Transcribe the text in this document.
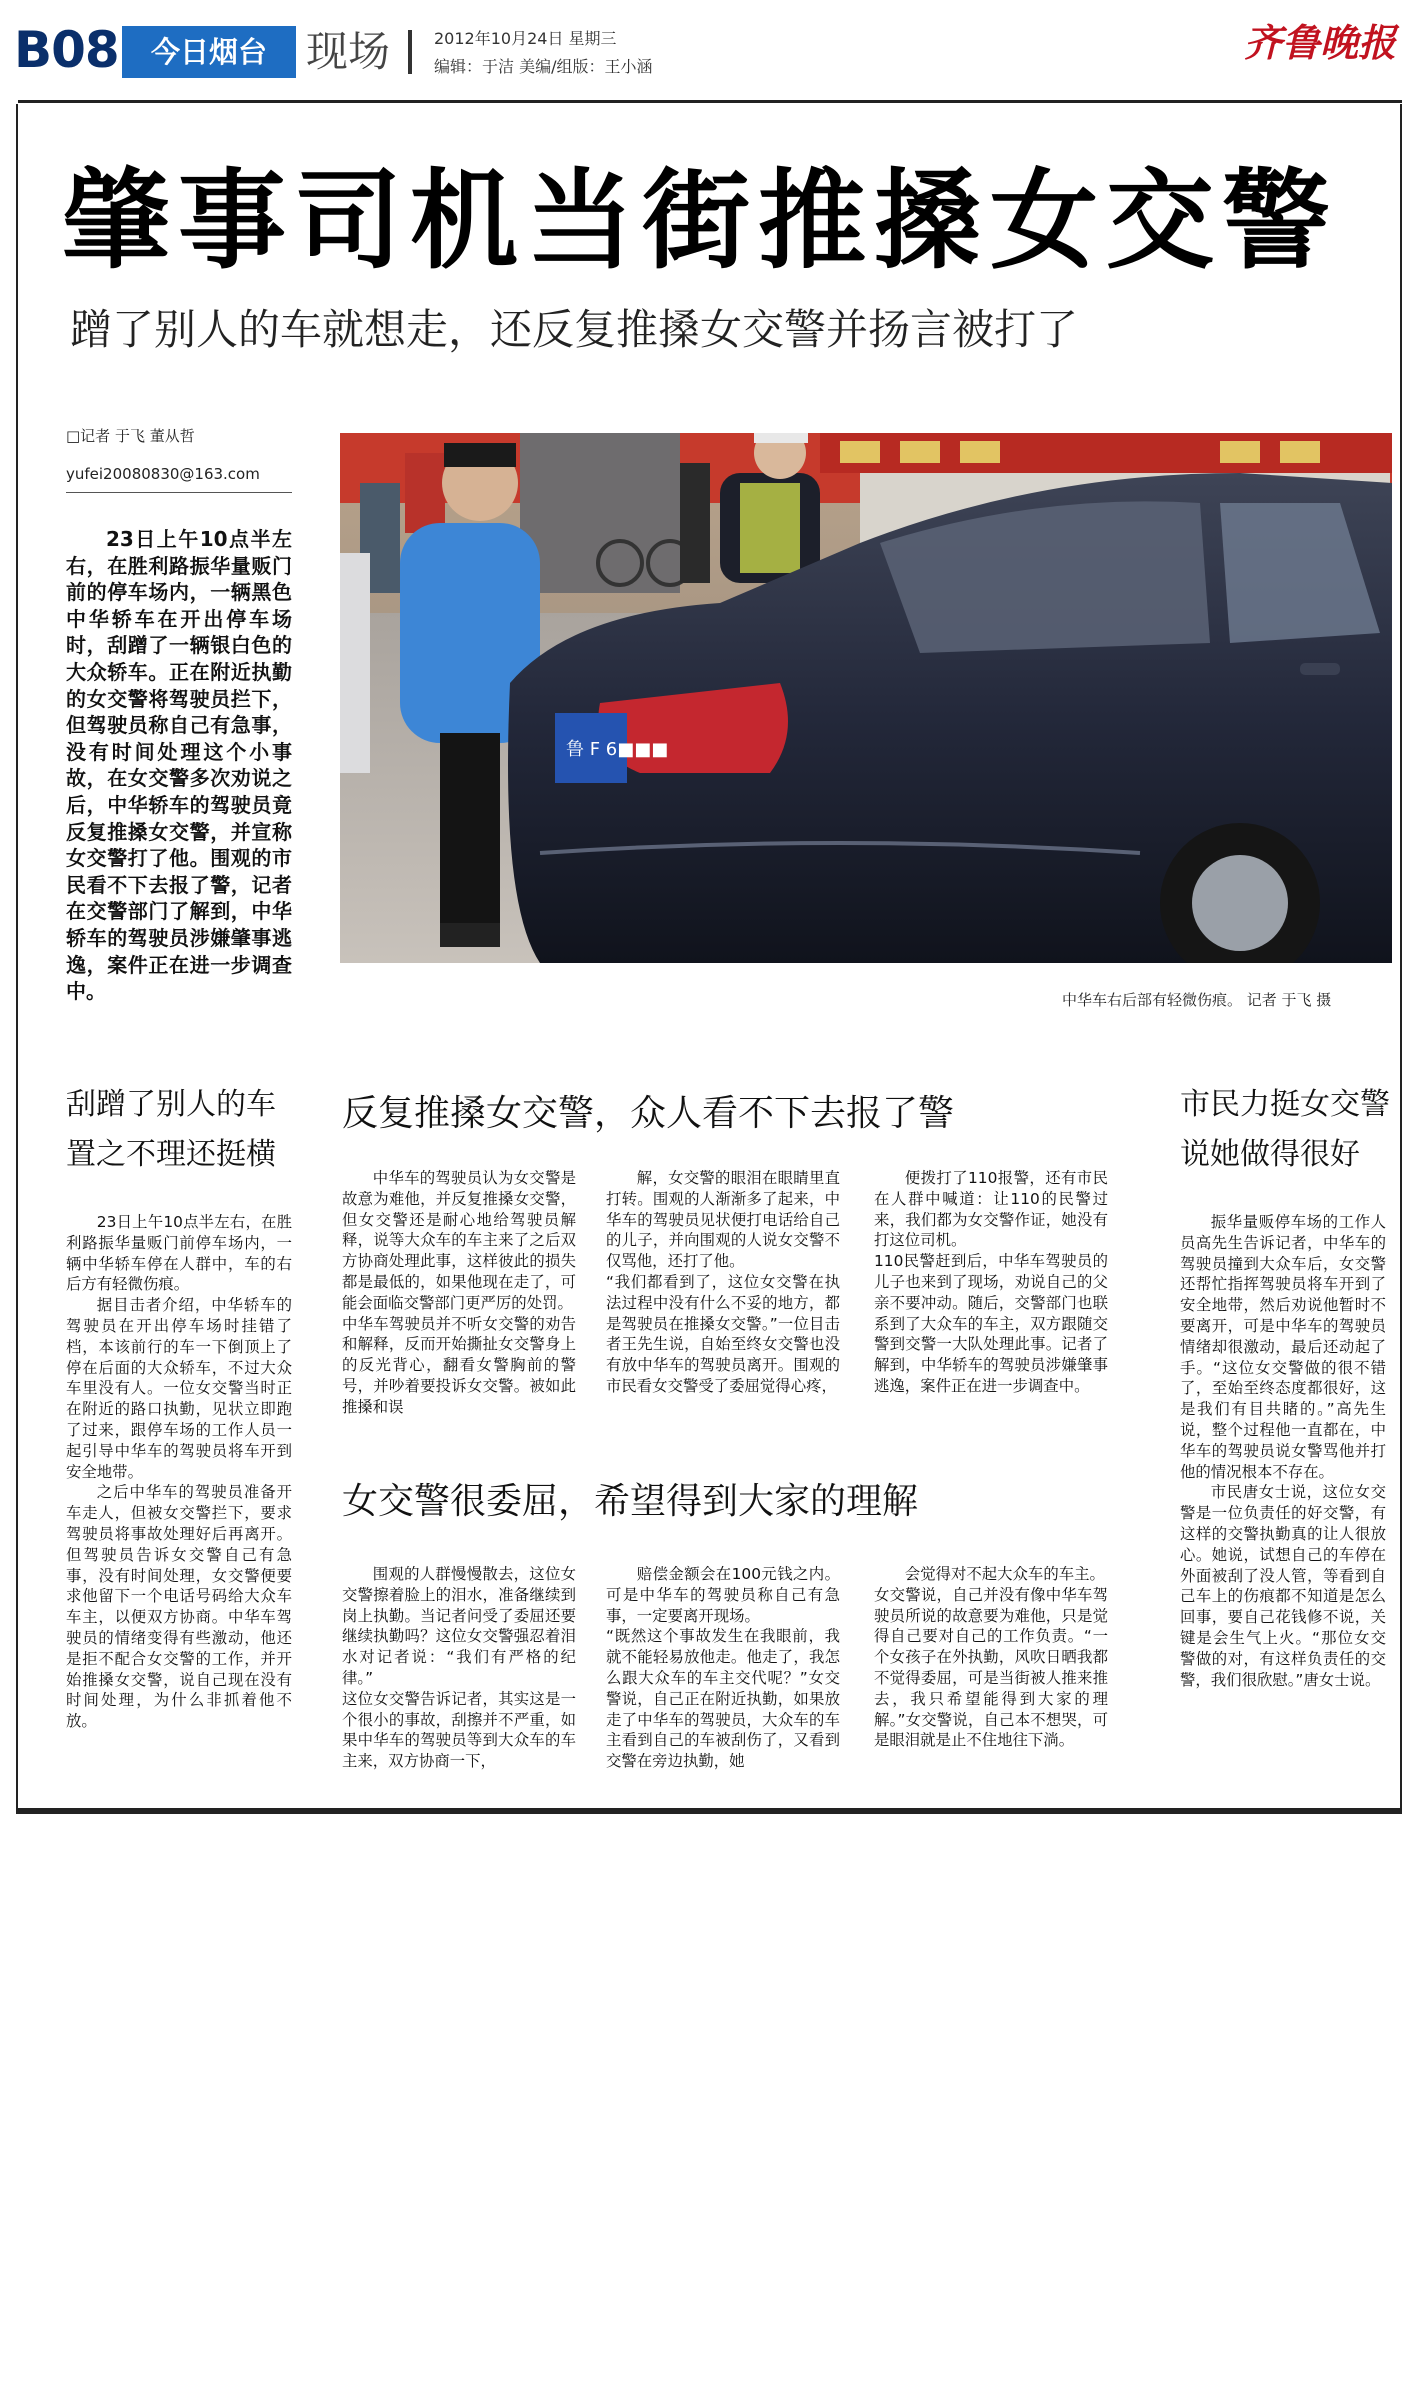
B08	今日烟台 现场	2012年10月24日 星期三
编辑：于洁 美编/组版：王小涵
齐鲁晚报
肇事司机当街推搡女交警
蹭了别人的车就想走，还反复推搡女交警并扬言被打了
□记者 于飞 董从哲
yufei20080830@163.com
23日上午10点半左右，在胜利路振华量贩门前的停车场内，一辆黑色中华轿车在开出停车场时，刮蹭了一辆银白色的大众轿车。正在附近执勤的女交警将驾驶员拦下，但驾驶员称自己有急事，没有时间处理这个小事故，在女交警多次劝说之后，中华轿车的驾驶员竟反复推搡女交警，并宣称女交警打了他。围观的市民看不下去报了警，记者在交警部门了解到，中华轿车的驾驶员涉嫌肇事逃逸，案件正在进一步调查中。
鲁 F 6■■■
中华车右后部有轻微伤痕。 记者 于飞 摄
刮蹭了别人的车置之不理还挺横

23日上午10点半左右，在胜利路振华量贩门前停车场内，一辆中华轿车停在人群中，车的右后方有轻微伤痕。

据目击者介绍，中华轿车的驾驶员在开出停车场时挂错了档，本该前行的车一下倒顶上了停在后面的大众轿车，不过大众车里没有人。一位女交警当时正在附近的路口执勤，见状立即跑了过来，跟停车场的工作人员一起引导中华车的驾驶员将车开到安全地带。

之后中华车的驾驶员准备开车走人，但被女交警拦下，要求驾驶员将事故处理好后再离开。但驾驶员告诉女交警自己有急事，没有时间处理，女交警便要求他留下一个电话号码给大众车车主，以便双方协商。中华车驾驶员的情绪变得有些激动，他还是拒不配合女交警的工作，并开始推搡女交警，说自己现在没有时间处理，为什么非抓着他不放。

反复推搡女交警，众人看不下去报了警
中华车的驾驶员认为女交警是故意为难他，并反复推搡女交警，但女交警还是耐心地给驾驶员解释，说等大众车的车主来了之后双方协商处理此事，这样彼此的损失都是最低的，如果他现在走了，可能会面临交警部门更严厉的处罚。
中华车驾驶员并不听女交警的劝告和解释，反而开始撕扯女交警身上的反光背心，翻看女警胸前的警号，并吵着要投诉女交警。被如此推搡和误
解，女交警的眼泪在眼睛里直打转。围观的人渐渐多了起来，中华车的驾驶员见状便打电话给自己的儿子，并向围观的人说女交警不仅骂他，还打了他。
“我们都看到了，这位女交警在执法过程中没有什么不妥的地方，都是驾驶员在推搡女交警。”一位目击者王先生说，自始至终女交警也没有放中华车的驾驶员离开。围观的市民看女交警受了委屈觉得心疼，
便拨打了110报警，还有市民在人群中喊道：让110的民警过来，我们都为女交警作证，她没有打这位司机。
110民警赶到后，中华车驾驶员的儿子也来到了现场，劝说自己的父亲不要冲动。随后，交警部门也联系到了大众车的车主，双方跟随交警到交警一大队处理此事。记者了解到，中华轿车的驾驶员涉嫌肇事逃逸，案件正在进一步调查中。
女交警很委屈，希望得到大家的理解
围观的人群慢慢散去，这位女交警擦着脸上的泪水，准备继续到岗上执勤。当记者问受了委屈还要继续执勤吗？这位女交警强忍着泪水对记者说：“我们有严格的纪律。”
这位女交警告诉记者，其实这是一个很小的事故，刮擦并不严重，如果中华车的驾驶员等到大众车的车主来，双方协商一下，
赔偿金额会在100元钱之内。可是中华车的驾驶员称自己有急事，一定要离开现场。
“既然这个事故发生在我眼前，我就不能轻易放他走。他走了，我怎么跟大众车的车主交代呢？”女交警说，自己正在附近执勤，如果放走了中华车的驾驶员，大众车的车主看到自己的车被刮伤了，又看到交警在旁边执勤，她
会觉得对不起大众车的车主。
女交警说，自己并没有像中华车驾驶员所说的故意要为难他，只是觉得自己要对自己的工作负责。“一个女孩子在外执勤，风吹日晒我都不觉得委屈，可是当街被人推来推去，我只希望能得到大家的理解。”女交警说，自己本不想哭，可是眼泪就是止不住地往下淌。
市民力挺女交警说她做得很好

振华量贩停车场的工作人员高先生告诉记者，中华车的驾驶员撞到大众车后，女交警还帮忙指挥驾驶员将车开到了安全地带，然后劝说他暂时不要离开，可是中华车的驾驶员情绪却很激动，最后还动起了手。“这位女交警做的很不错了，至始至终态度都很好，这是我们有目共睹的。”高先生说，整个过程他一直都在，中华车的驾驶员说女警骂他并打他的情况根本不存在。

市民唐女士说，这位女交警是一位负责任的好交警，有这样的交警执勤真的让人很放心。她说，试想自己的车停在外面被刮了没人管，等看到自己车上的伤痕都不知道是怎么回事，要自己花钱修不说，关键是会生气上火。“那位女交警做的对，有这样负责任的交警，我们很欣慰。”唐女士说。
